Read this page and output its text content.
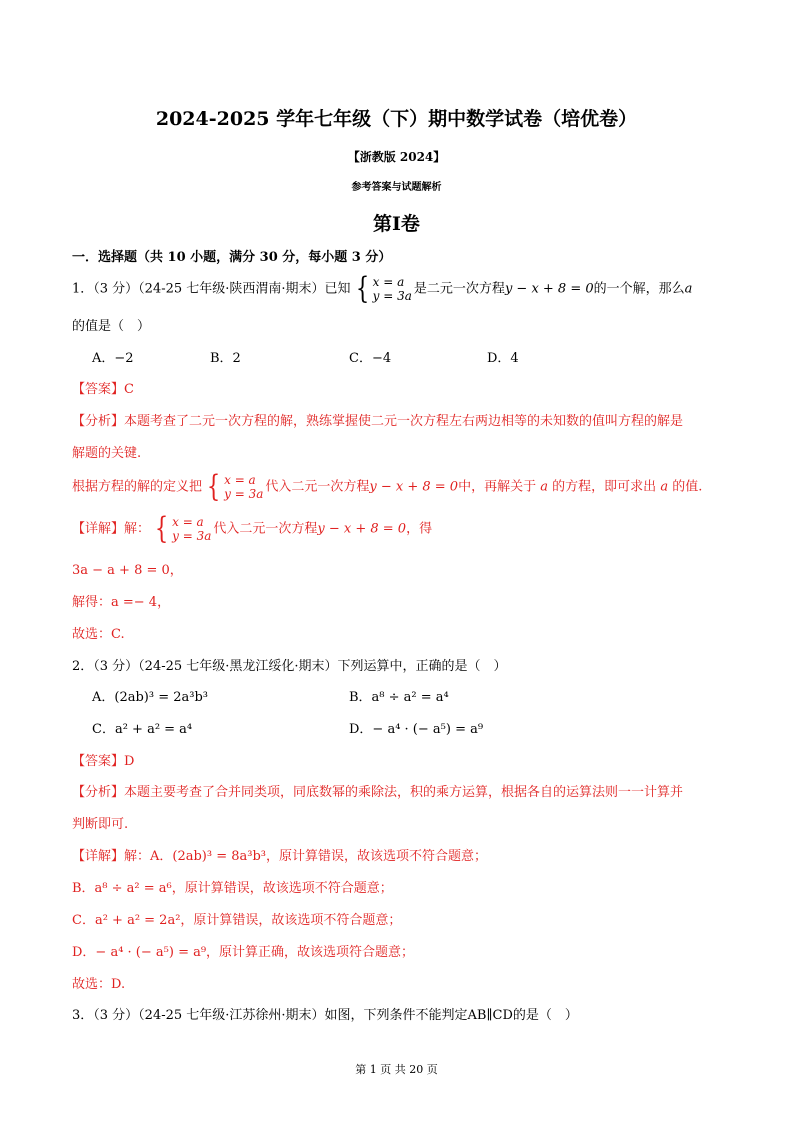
2024-2025 学年七年级（下）期中数学试卷（培优卷）
【浙教版 2024】
参考答案与试题解析
第Ⅰ卷
一．选择题（共 10 小题，满分 30 分，每小题 3 分）
1．（3 分）（24-25 七年级·陕西渭南·期末）已知 { x = a
y = 3a 是二元一次方程y − x + 8 = 0的一个解，那么a
的值是（　）
A．−2	B．2	C．−4	D．4
【答案】C
【分析】本题考查了二元一次方程的解，熟练掌握使二元一次方程左右两边相等的未知数的值叫方程的解是
解题的关键.
根据方程的解的定义把 { x = a
y = 3a 代入二元一次方程y − x + 8 = 0中，再解关于 a 的方程，即可求出 a 的值.
【详解】解： { x = a
y = 3a 代入二元一次方程y − x + 8 = 0，得
3a − a + 8 = 0，
解得：a =− 4，
故选：C.
2．（3 分）（24-25 七年级·黑龙江绥化·期末）下列运算中，正确的是（　）
A．(2ab)³ = 2a³b³	B．a⁸ ÷ a² = a⁴
C．a² + a² = a⁴	D．− a⁴ · (− a⁵) = a⁹
【答案】D
【分析】本题主要考查了合并同类项，同底数幂的乘除法，积的乘方运算，根据各自的运算法则一一计算并
判断即可.
【详解】解：A．(2ab)³ = 8a³b³，原计算错误，故该选项不符合题意；
B．a⁸ ÷ a² = a⁶，原计算错误，故该选项不符合题意；
C．a² + a² = 2a²，原计算错误，故该选项不符合题意；
D．− a⁴ · (− a⁵) = a⁹，原计算正确，故该选项符合题意；
故选：D.
3．（3 分）（24-25 七年级·江苏徐州·期末）如图，下列条件不能判定AB∥CD的是（　）
第 1 页 共 20 页
